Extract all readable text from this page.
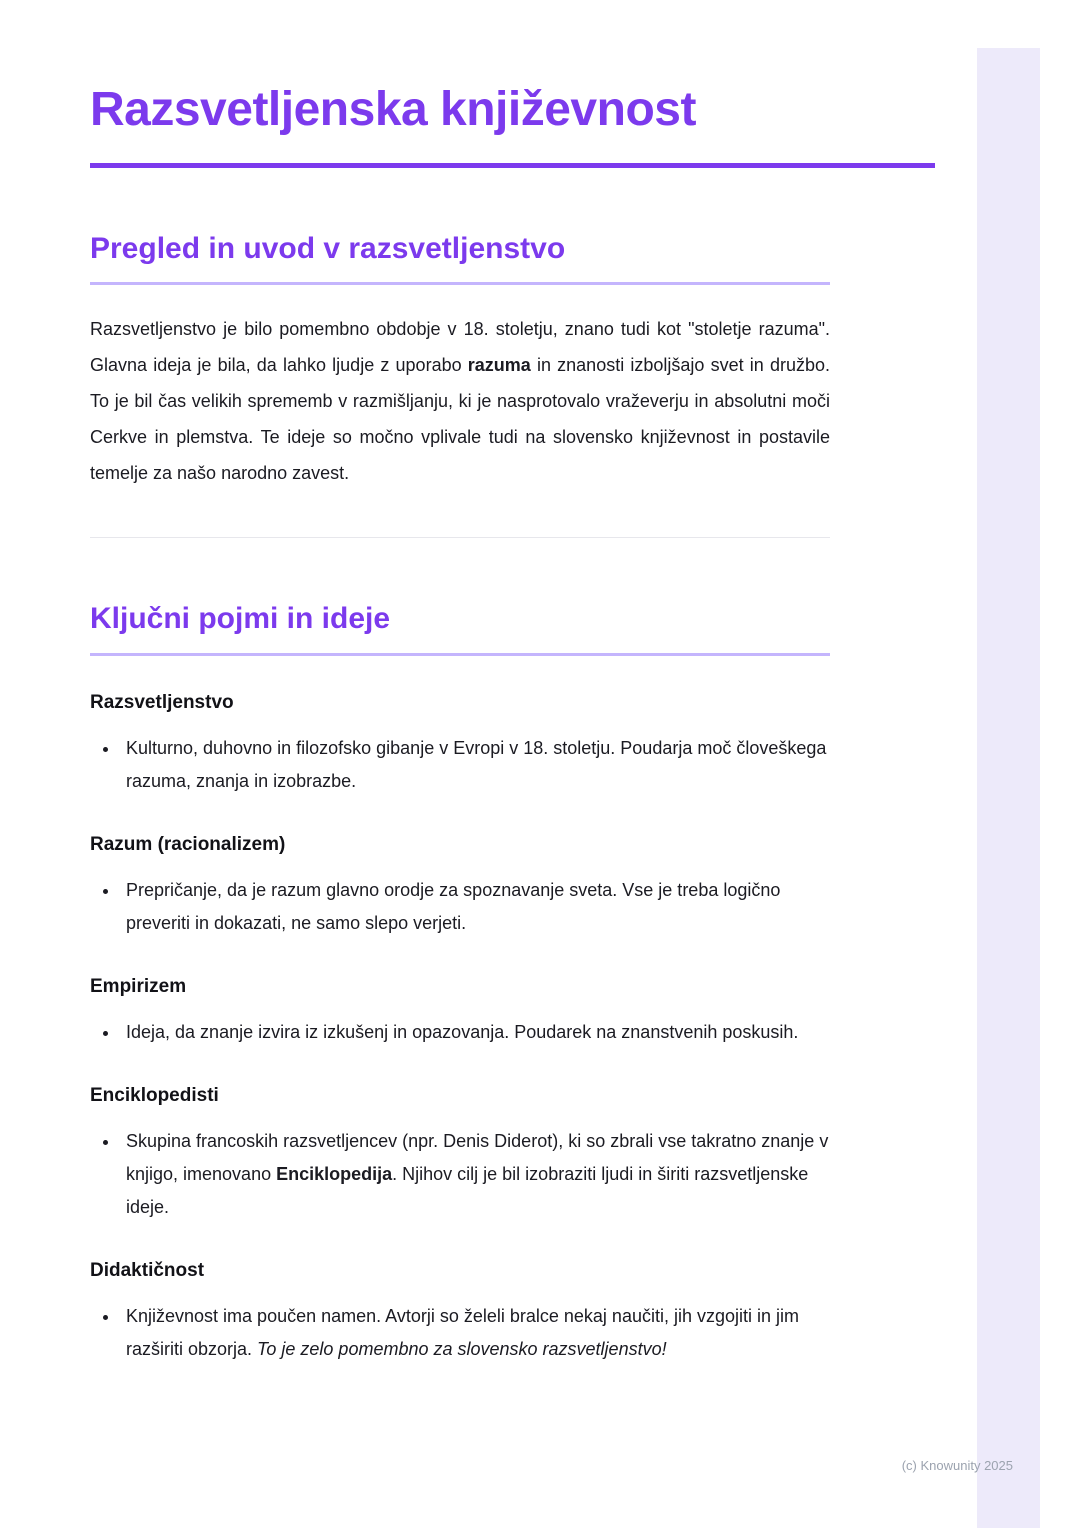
Razsvetljenska književnost
Pregled in uvod v razsvetljenstvo

Razsvetljenstvo je bilo pomembno obdobje v 18. stoletju, znano tudi kot "stoletje razuma". Glavna ideja je bila, da lahko ljudje z uporabo razuma in znanosti izboljšajo svet in družbo. To je bil čas velikih sprememb v razmišljanju, ki je nasprotovalo vraževerju in absolutni moči Cerkve in plemstva. Te ideje so močno vplivale tudi na slovensko književnost in postavile temelje za našo narodno zavest.

Ključni pojmi in ideje
Razsvetljenstvo
• Kulturno, duhovno in filozofsko gibanje v Evropi v 18. stoletju. Poudarja moč človeškega razuma, znanja in izobrazbe.
Razum (racionalizem)
• Prepričanje, da je razum glavno orodje za spoznavanje sveta. Vse je treba logično preveriti in dokazati, ne samo slepo verjeti.
Empirizem
• Ideja, da znanje izvira iz izkušenj in opazovanja. Poudarek na znanstvenih poskusih.
Enciklopedisti
• Skupina francoskih razsvetljencev (npr. Denis Diderot), ki so zbrali vse takratno znanje v knjigo, imenovano Enciklopedija. Njihov cilj je bil izobraziti ljudi in širiti razsvetljenske ideje.
Didaktičnost
• Književnost ima poučen namen. Avtorji so želeli bralce nekaj naučiti, jih vzgojiti in jim razširiti obzorja. To je zelo pomembno za slovensko razsvetljenstvo!
(c) Knowunity 2025
